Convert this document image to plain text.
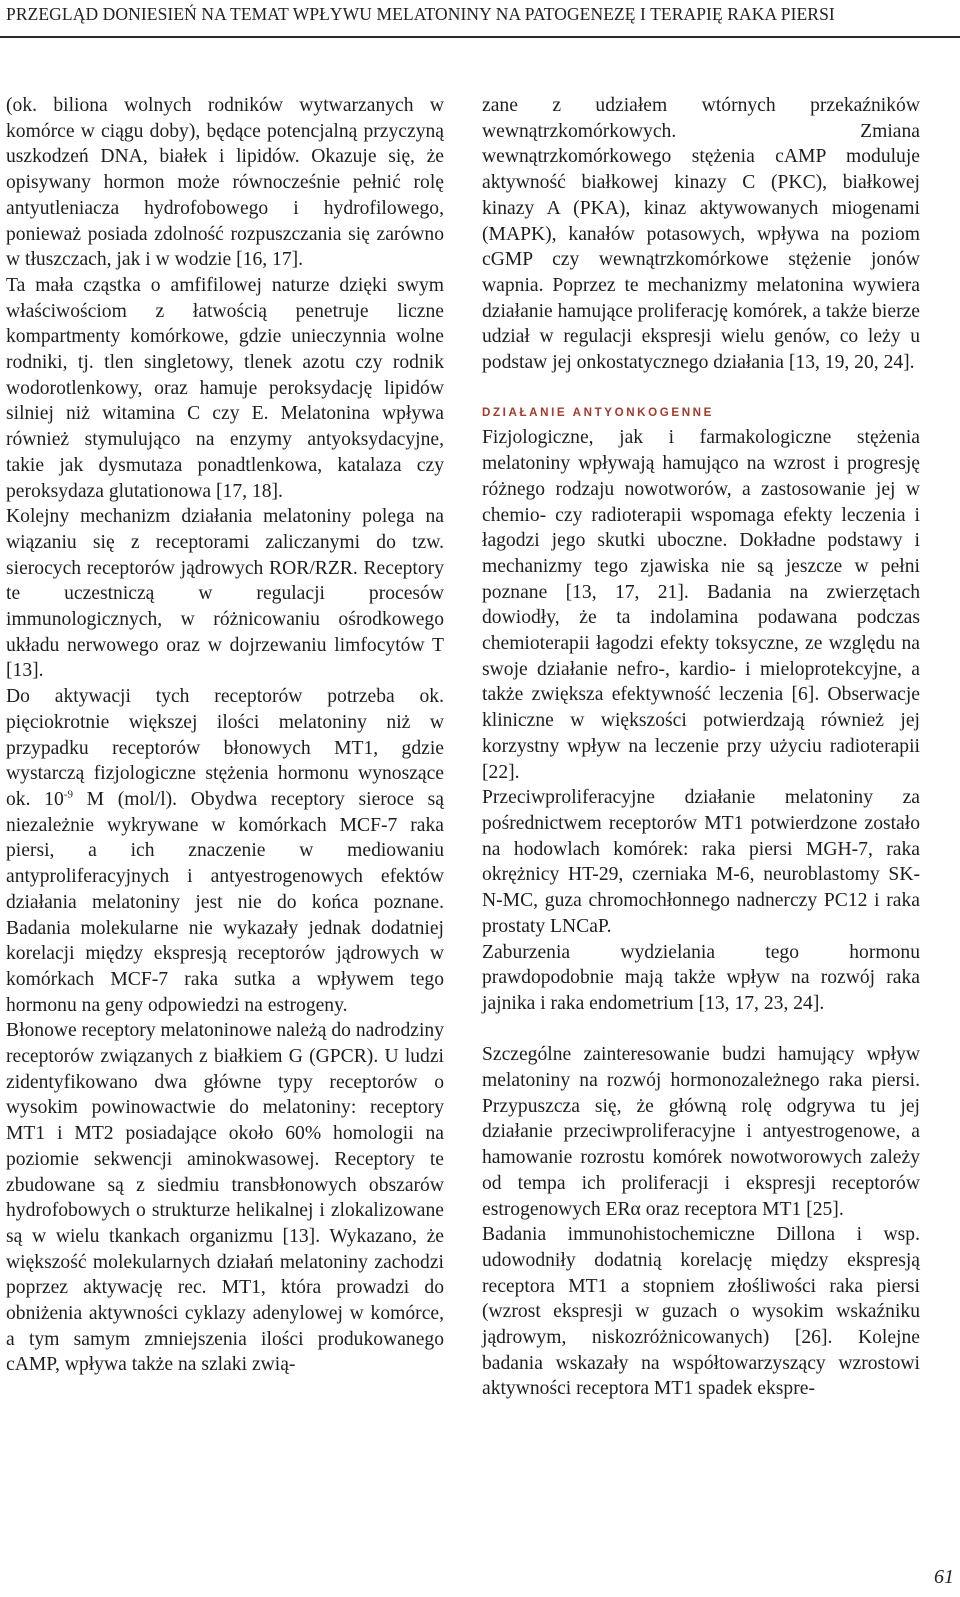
PRZEGLĄD DONIESIEŃ NA TEMAT WPŁYWU MELATONINY NA PATOGENEZĘ I TERAPIĘ RAKA PIERSI

(ok. biliona wolnych rodników wytwarzanych w komórce w ciągu doby), będące potencjalną przyczyną uszkodzeń DNA, białek i lipidów. Okazuje się, że opisywany hormon może równocześnie pełnić rolę antyutleniacza hydrofobowego i hydrofilowego, ponieważ posiada zdolność rozpuszczania się zarówno w tłuszczach, jak i w wodzie [16, 17].

Ta mała cząstka o amfifilowej naturze dzięki swym właściwościom z łatwością penetruje liczne kompartmenty komórkowe, gdzie unieczynnia wolne rodniki, tj. tlen singletowy, tlenek azotu czy rodnik wodorotlenkowy, oraz hamuje peroksydację lipidów silniej niż witamina C czy E. Melatonina wpływa również stymulująco na enzymy antyoksydacyjne, takie jak dysmutaza ponadtlenkowa, katalaza czy peroksydaza glutationowa [17, 18].

Kolejny mechanizm działania melatoniny polega na wiązaniu się z receptorami zaliczanymi do tzw. sierocych receptorów jądrowych ROR/RZR. Receptory te uczestniczą w regulacji procesów immunologicznych, w różnicowaniu ośrodkowego układu nerwowego oraz w dojrzewaniu limfocytów T [13].

Do aktywacji tych receptorów potrzeba ok. pięciokrotnie większej ilości melatoniny niż w przypadku receptorów błonowych MT1, gdzie wystarczą fizjologiczne stężenia hormonu wynoszące ok. $10^{-9}$ M (mol/l). Obydwa receptory sieroce są niezależnie wykrywane w komórkach MCF-7 raka piersi, a ich znaczenie w mediowaniu antyproliferacyjnych i antyestrogenowych efektów działania melatoniny jest nie do końca poznane. Badania molekularne nie wykazały jednak dodatniej korelacji między ekspresją receptorów jądrowych w komórkach MCF-7 raka sutka a wpływem tego hormonu na geny odpowiedzi na estrogeny.

Błonowe receptory melatoninowe należą do nadrodziny receptorów związanych z białkiem G (GPCR). U ludzi zidentyfikowano dwa główne typy receptorów o wysokim powinowactwie do melatoniny: receptory MT1 i MT2 posiadające około 60% homologii na poziomie sekwencji aminokwasowej. Receptory te zbudowane są z siedmiu transbłonowych obszarów hydrofobowych o strukturze helikalnej i zlokalizowane są w wielu tkankach organizmu [13]. Wykazano, że większość molekularnych działań melatoniny zachodzi poprzez aktywację rec. MT1, która prowadzi do obniżenia aktywności cyklazy adenylowej w komórce, a tym samym zmniejszenia ilości produkowanego cAMP, wpływa także na szlaki zwią-

zane z udziałem wtórnych przekaźników wewnątrzkomórkowych. Zmiana wewnątrzkomórkowego stężenia cAMP moduluje aktywność białkowej kinazy C (PKC), białkowej kinazy A (PKA), kinaz aktywowanych miogenami (MAPK), kanałów potasowych, wpływa na poziom cGMP czy wewnątrzkomórkowe stężenie jonów wapnia. Poprzez te mechanizmy melatonina wywiera działanie hamujące proliferację komórek, a także bierze udział w regulacji ekspresji wielu genów, co leży u podstaw jej onkostatycznego działania [13, 19, 20, 24].

DZIAŁANIE ANTYONKOGENNE

Fizjologiczne, jak i farmakologiczne stężenia melatoniny wpływają hamująco na wzrost i progresję różnego rodzaju nowotworów, a zastosowanie jej w chemio- czy radioterapii wspomaga efekty leczenia i łagodzi jego skutki uboczne. Dokładne podstawy i mechanizmy tego zjawiska nie są jeszcze w pełni poznane [13, 17, 21]. Badania na zwierzętach dowiodły, że ta indolamina podawana podczas chemioterapii łagodzi efekty toksyczne, ze względu na swoje działanie nefro-, kardio- i mieloprotekcyjne, a także zwiększa efektywność leczenia [6]. Obserwacje kliniczne w większości potwierdzają również jej korzystny wpływ na leczenie przy użyciu radioterapii [22].

Przeciwproliferacyjne działanie melatoniny za pośrednictwem receptorów MT1 potwierdzone zostało na hodowlach komórek: raka piersi MGH-7, raka okrężnicy HT-29, czerniaka M-6, neuroblastomy SK-N-MC, guza chromochłonnego nadnerczy PC12 i raka prostaty LNCaP.

Zaburzenia wydzielania tego hormonu prawdopodobnie mają także wpływ na rozwój raka jajnika i raka endometrium [13, 17, 23, 24].

Szczególne zainteresowanie budzi hamujący wpływ melatoniny na rozwój hormonozależnego raka piersi. Przypuszcza się, że główną rolę odgrywa tu jej działanie przeciwproliferacyjne i antyestrogenowe, a hamowanie rozrostu komórek nowotworowych zależy od tempa ich proliferacji i ekspresji receptorów estrogenowych ERα oraz receptora MT1 [25].

Badania immunohistochemiczne Dillona i wsp. udowodniły dodatnią korelację między ekspresją receptora MT1 a stopniem złośliwości raka piersi (wzrost ekspresji w guzach o wysokim wskaźniku jądrowym, niskozróżnicowanych) [26]. Kolejne badania wskazały na współtowarzyszący wzrostowi aktywności receptora MT1 spadek ekspre-

61
